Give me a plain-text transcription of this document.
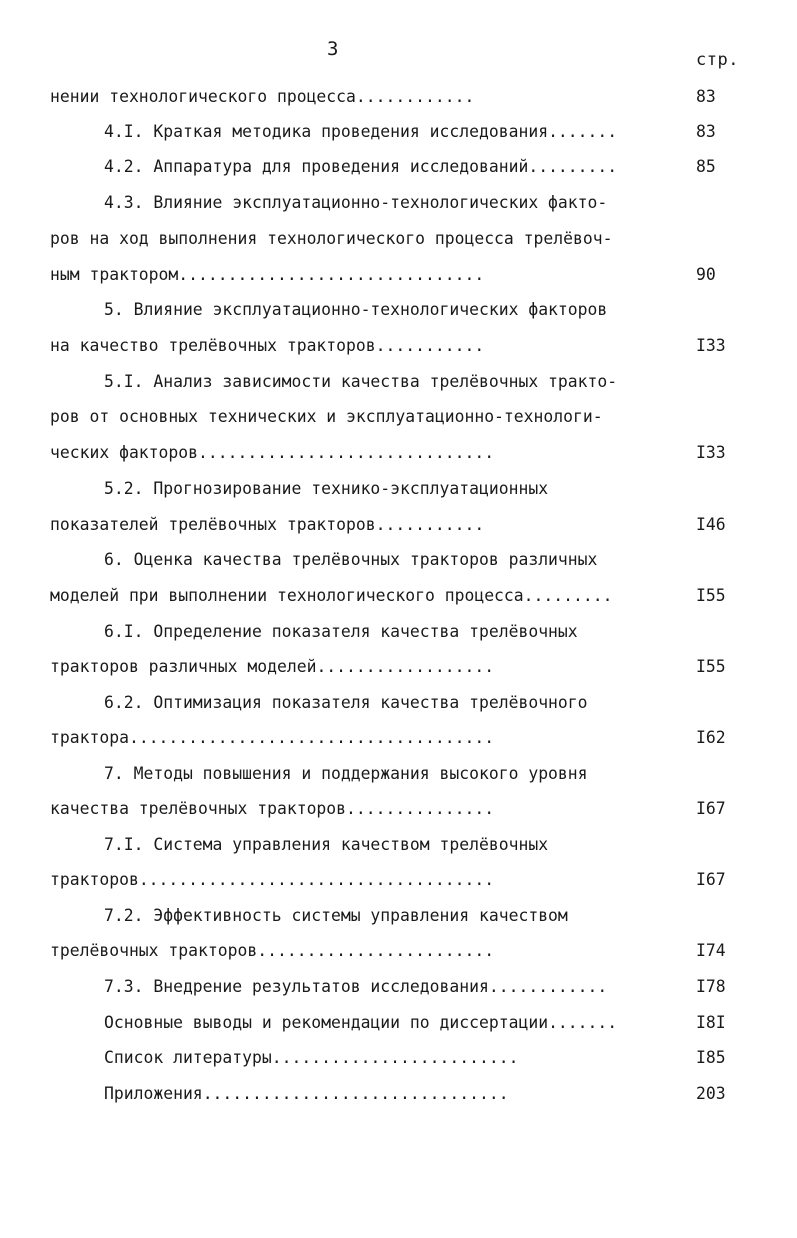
3	стр.
нении технологического процесса............	83
4.I. Краткая методика проведения исследования.......	83
4.2. Аппаратура для проведения исследований.........	85
4.3. Влияние эксплуатационно-технологических факто-
ров на ход выполнения технологического процесса трелёвоч-
ным трактором...............................	90
5. Влияние эксплуатационно-технологических факторов
на качество трелёвочных тракторов...........	I33
5.I. Анализ зависимости качества трелёвочных тракто-
ров от основных технических и эксплуатационно-технологи-
ческих факторов..............................	I33
5.2. Прогнозирование технико-эксплуатационных
показателей трелёвочных тракторов...........	I46
6. Оценка качества трелёвочных тракторов различных
моделей при выполнении технологического процесса.........	I55
6.I. Определение показателя качества трелёвочных
тракторов различных моделей..................	I55
6.2. Оптимизация показателя качества трелёвочного
трактора.....................................	I62
7. Методы повышения и поддержания высокого уровня
качества трелёвочных тракторов...............	I67
7.I. Система управления качеством трелёвочных
тракторов....................................	I67
7.2. Эффективность системы управления качеством
трелёвочных тракторов........................	I74
7.3. Внедрение результатов исследования............	I78
Основные выводы и рекомендации по диссертации.......	I8I
Список литературы.........................	I85
Приложения...............................	203
